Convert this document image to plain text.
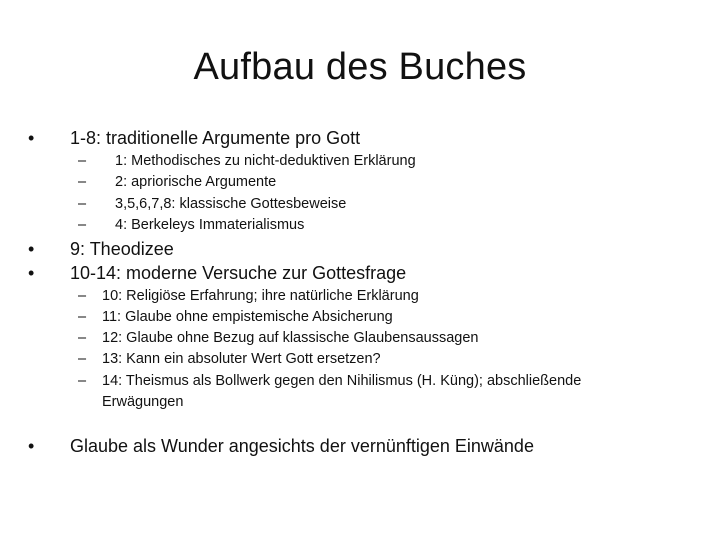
Aufbau des Buches
• 1-8: traditionelle Argumente pro Gott
– 1: Methodisches zu nicht-deduktiven Erklärung
– 2: apriorische Argumente
– 3,5,6,7,8: klassische Gottesbeweise
– 4: Berkeleys Immaterialismus
• 9: Theodizee
• 10-14: moderne Versuche zur Gottesfrage
– 10: Religiöse Erfahrung; ihre natürliche Erklärung
– 11: Glaube ohne empistemische Absicherung
– 12: Glaube ohne Bezug auf klassische Glaubensaussagen
– 13: Kann ein absoluter Wert Gott ersetzen?
– 14: Theismus als Bollwerk gegen den Nihilismus (H. Küng); abschließende Erwägungen
• Glaube als Wunder angesichts der vernünftigen Einwände
